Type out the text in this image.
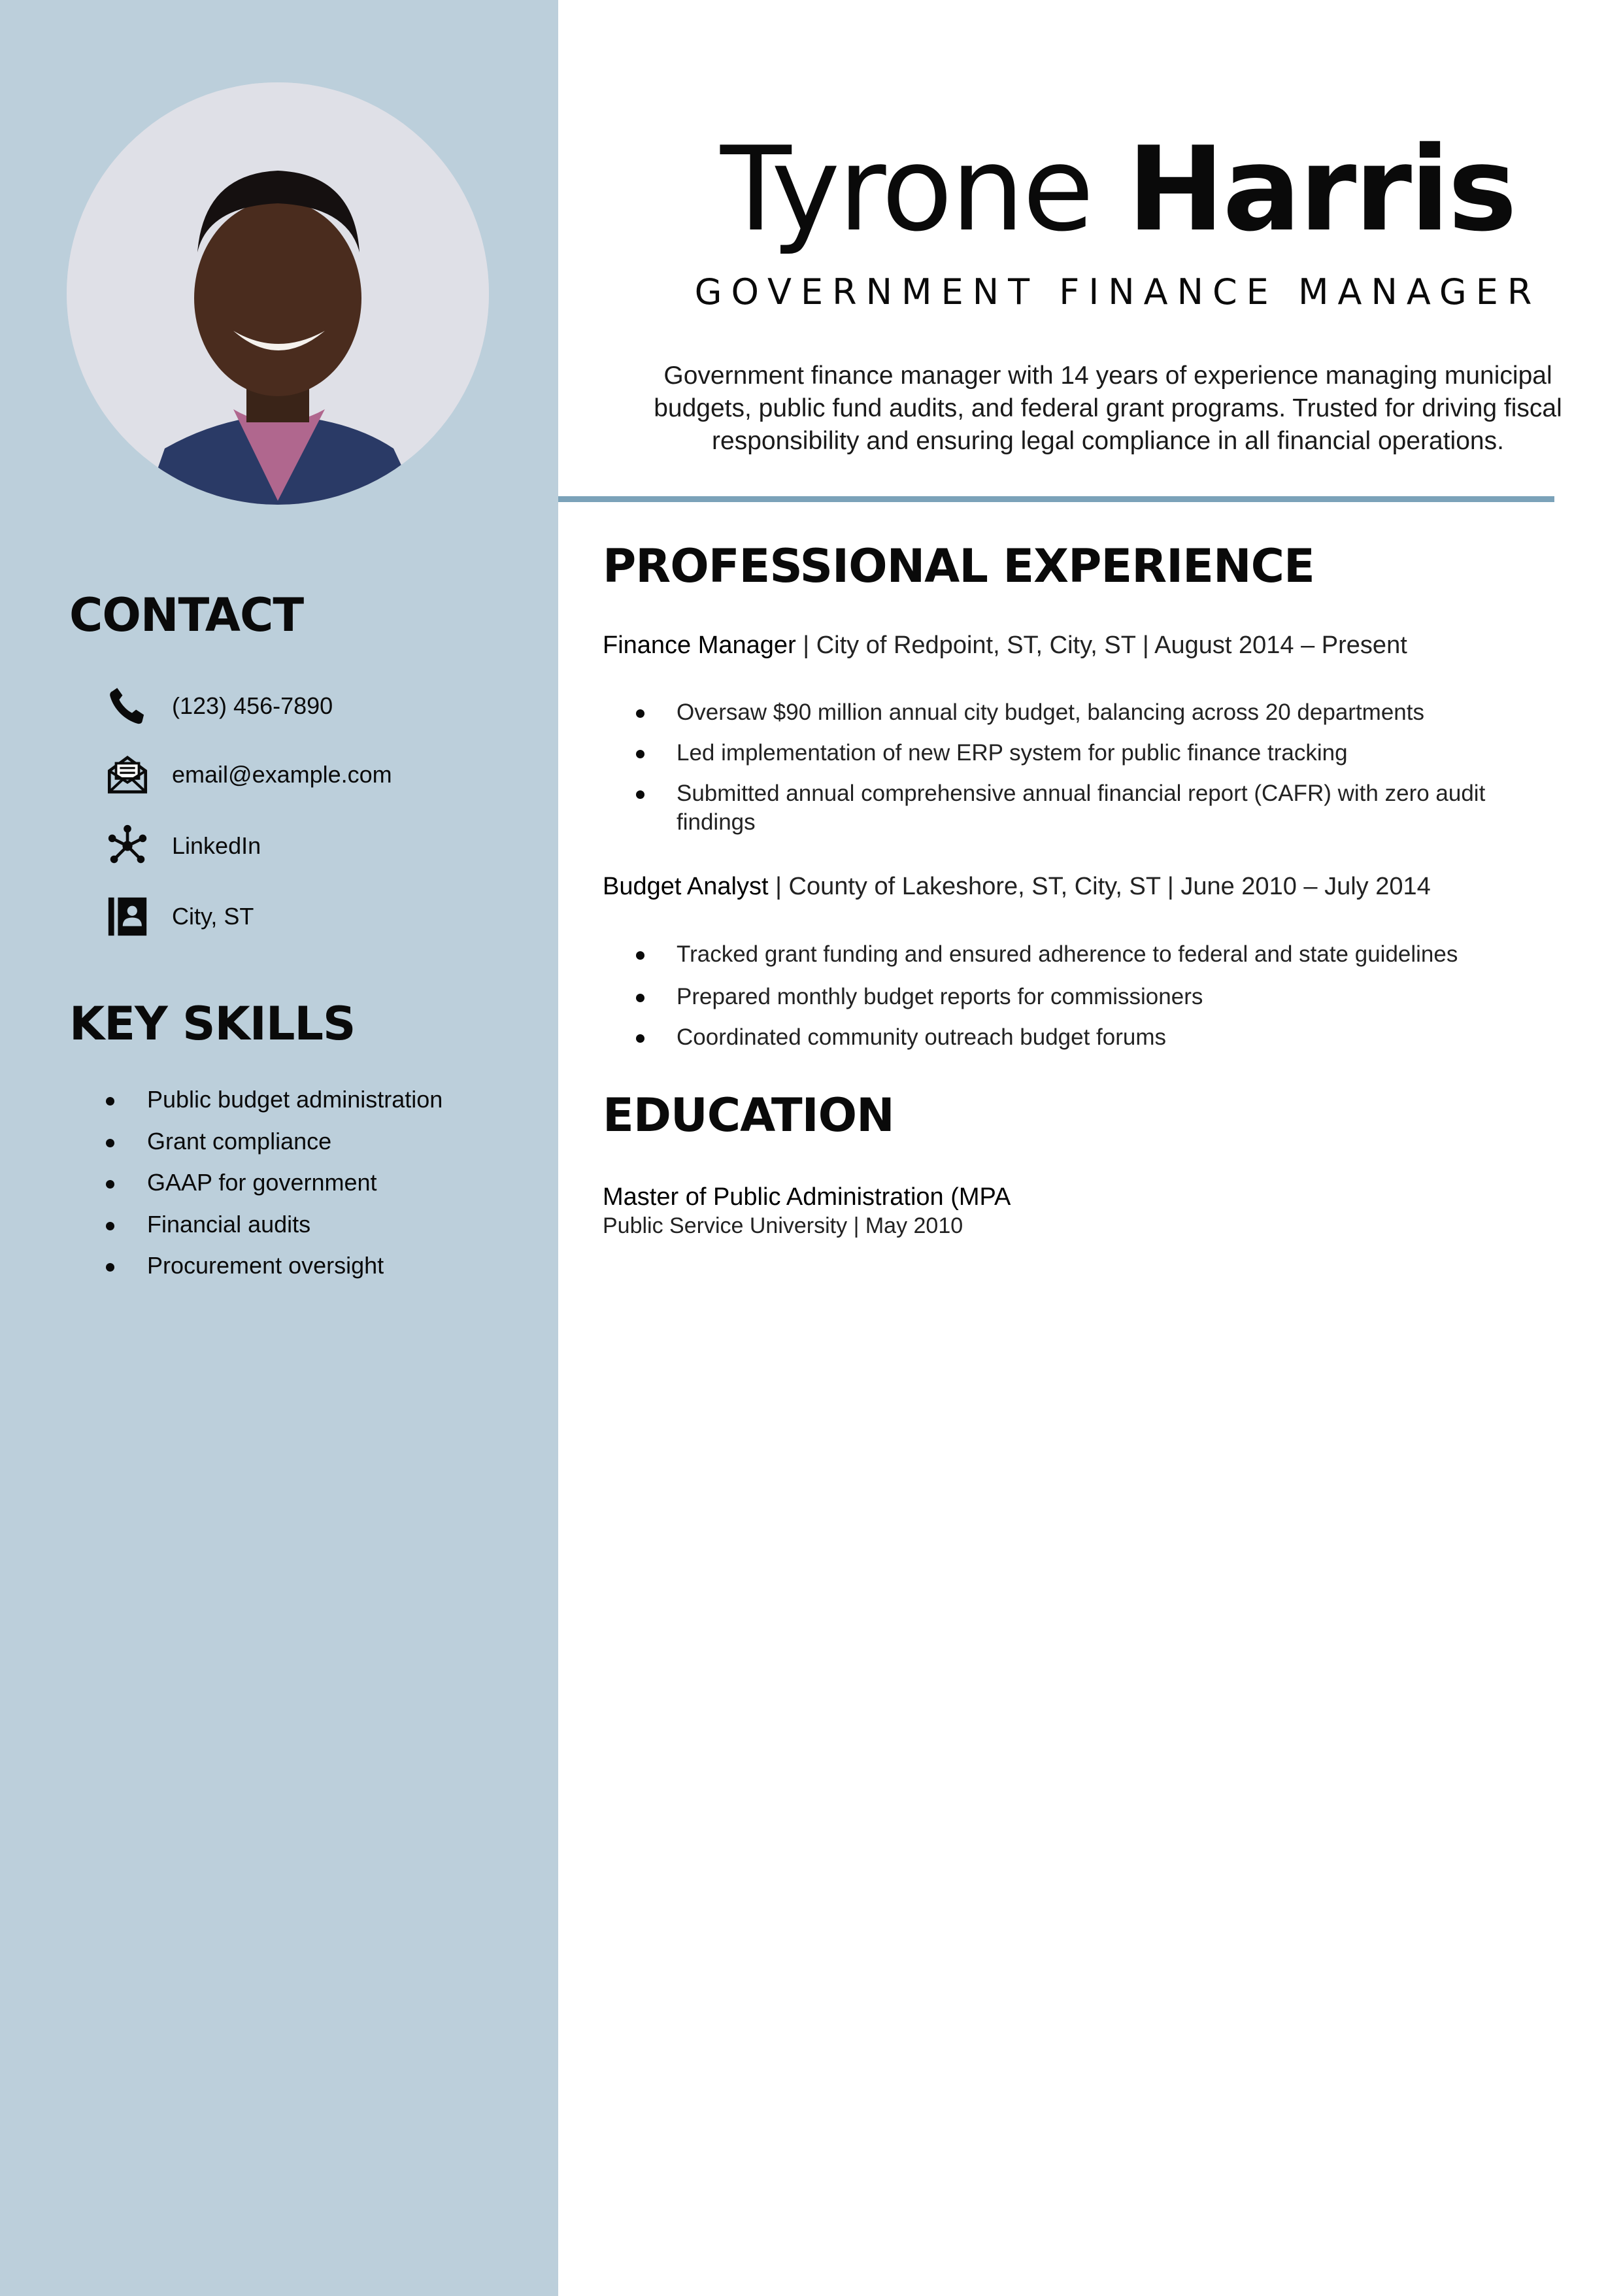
CONTACT
(123) 456-7890
email@example.com
LinkedIn
City, ST
KEY SKILLS
Public budget administration
Grant compliance
GAAP for government
Financial audits
Procurement oversight
Tyrone Harris
GOVERNMENT FINANCE MANAGER
Government finance manager with 14 years of experience managing municipal budgets, public fund audits, and federal grant programs. Trusted for driving fiscal responsibility and ensuring legal compliance in all financial operations.
PROFESSIONAL EXPERIENCE
Finance Manager | City of Redpoint, ST, City, ST | August 2014 – Present
Oversaw $90 million annual city budget, balancing across 20 departments
Led implementation of new ERP system for public finance tracking
Submitted annual comprehensive annual financial report (CAFR) with zero audit findings
Budget Analyst | County of Lakeshore, ST, City, ST | June 2010 – July 2014
Tracked grant funding and ensured adherence to federal and state guidelines
Prepared monthly budget reports for commissioners
Coordinated community outreach budget forums
EDUCATION
Master of Public Administration (MPA
Public Service University | May 2010
